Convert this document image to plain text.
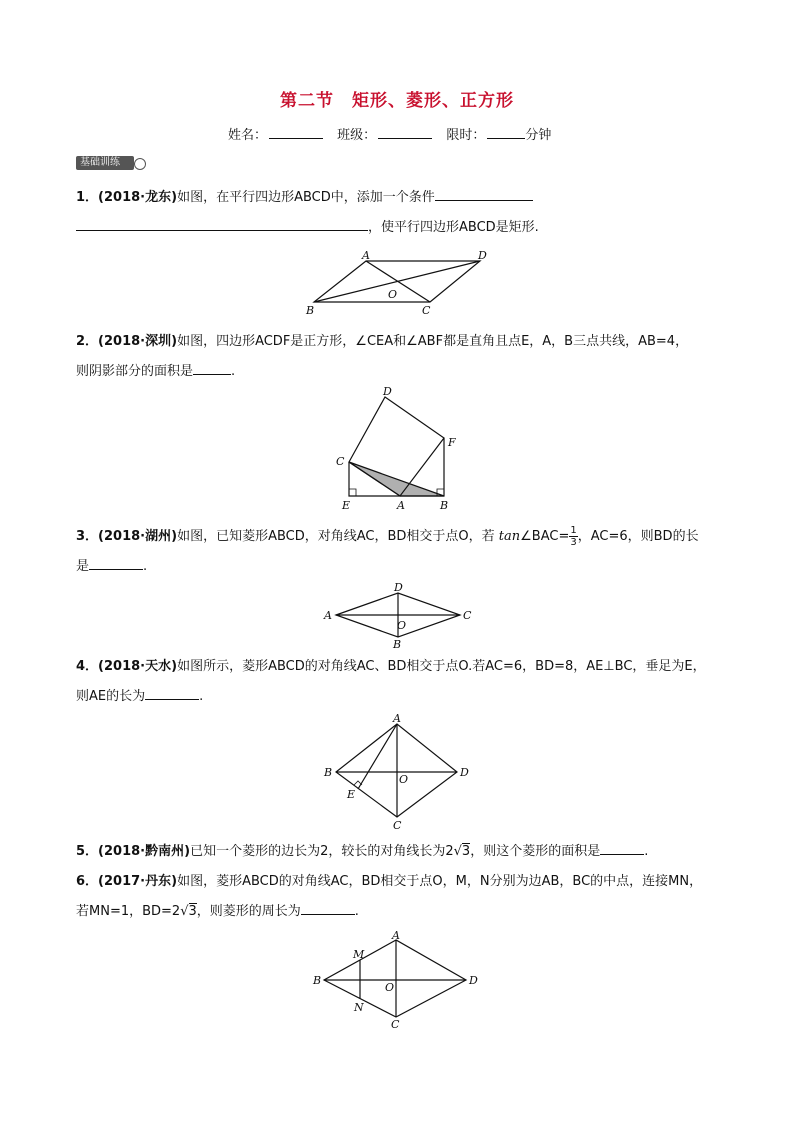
第二节 矩形、菱形、正方形
姓名：	班级：	限时：	分钟
基础训练
1．(2018·龙东)如图，在平行四边形ABCD中，添加一个条件
，使平行四边形ABCD是矩形.
A	D
B	C
O
2．(2018·深圳)如图，四边形ACDF是正方形，∠CEA和∠ABF都是直角且点E，A，B三点共线，AB=4，
则阴影部分的面积是	.
D
F
C
E	A	B
3．(2018·湖州)如图，已知菱形ABCD，对角线AC，BD相交于点O，若 tan∠BAC= $\frac{1}{3}$ ，AC=6，则BD的长
是	.
D
A	C
O
B
4．(2018·天水)如图所示，菱形ABCD的对角线AC、BD相交于点O.若AC=6，BD=8，AE⊥BC，垂足为E，
则AE的长为	.
A
B	D
O
E
C
5．(2018·黔南州)已知一个菱形的边长为2，较长的对角线长为2√3，则这个菱形的面积是	.
6．(2017·丹东)如图，菱形ABCD的对角线AC，BD相交于点O，M，N分别为边AB，BC的中点，连接MN，
若MN=1，BD=2√3，则菱形的周长为	.
A
M
B	D
O
N
C
